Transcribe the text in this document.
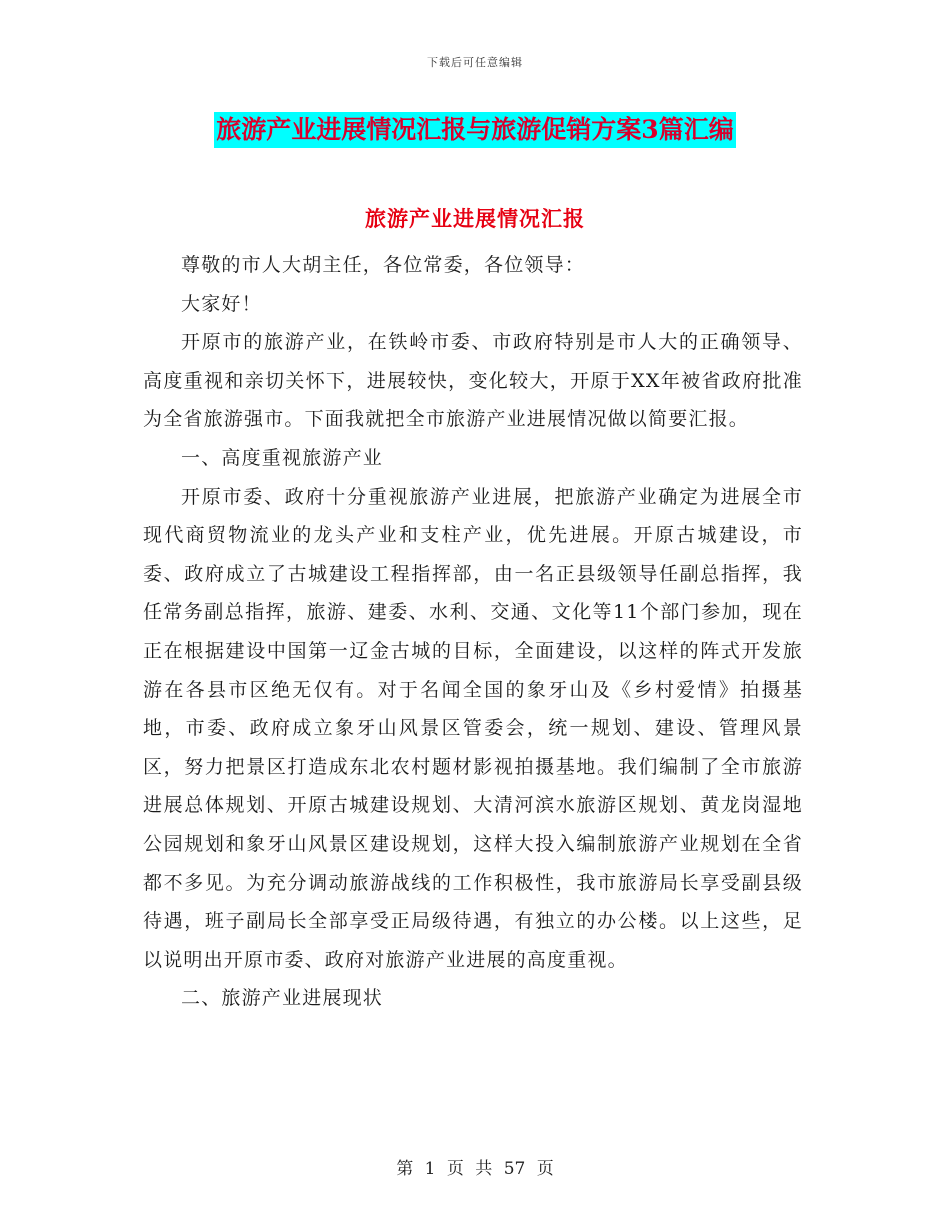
下载后可任意编辑
旅游产业进展情况汇报与旅游促销方案3篇汇编
旅游产业进展情况汇报

尊敬的市人大胡主任，各位常委，各位领导：

大家好！

开原市的旅游产业，在铁岭市委、市政府特别是市人大的正确领导、高度重视和亲切关怀下，进展较快，变化较大，开原于XX年被省政府批准为全省旅游强市。下面我就把全市旅游产业进展情况做以简要汇报。

一、高度重视旅游产业

开原市委、政府十分重视旅游产业进展，把旅游产业确定为进展全市现代商贸物流业的龙头产业和支柱产业，优先进展。开原古城建设，市委、政府成立了古城建设工程指挥部，由一名正县级领导任副总指挥，我任常务副总指挥，旅游、建委、水利、交通、文化等11个部门参加，现在正在根据建设中国第一辽金古城的目标，全面建设，以这样的阵式开发旅游在各县市区绝无仅有。对于名闻全国的象牙山及《乡村爱情》拍摄基地，市委、政府成立象牙山风景区管委会，统一规划、建设、管理风景区，努力把景区打造成东北农村题材影视拍摄基地。我们编制了全市旅游进展总体规划、开原古城建设规划、大清河滨水旅游区规划、黄龙岗湿地公园规划和象牙山风景区建设规划，这样大投入编制旅游产业规划在全省都不多见。为充分调动旅游战线的工作积极性，我市旅游局长享受副县级待遇，班子副局长全部享受正局级待遇，有独立的办公楼。以上这些，足以说明出开原市委、政府对旅游产业进展的高度重视。

二、旅游产业进展现状

第 1 页 共 57 页
